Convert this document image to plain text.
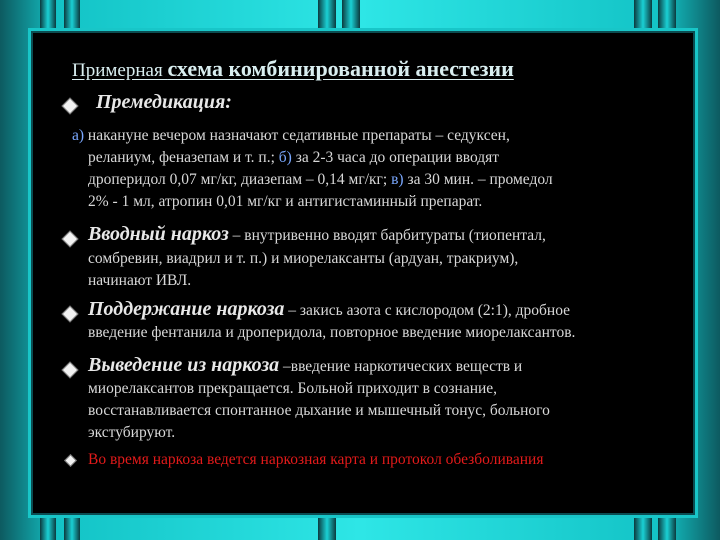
Примерная схема комбинированной анестезии
Премедикация:
а) накануне вечером назначают седативные препараты – седуксен,
реланиум, феназепам и т. п.; б) за 2-3 часа до операции вводят
дроперидол 0,07 мг/кг, диазепам – 0,14 мг/кг; в) за 30 мин. – промедол
2% - 1 мл, атропин 0,01 мг/кг и антигистаминный препарат.
Вводный наркоз – внутривенно вводят барбитураты (тиопентал,
сомбревин, виадрил и т. п.) и миорелаксанты (ардуан, тракриум),
начинают ИВЛ.
Поддержание наркоза – закись азота с кислородом (2:1), дробное
введение фентанила и дроперидола, повторное введение миорелаксантов.
Выведение из наркоза –введение наркотических веществ и
миорелаксантов прекращается. Больной приходит в сознание,
восстанавливается спонтанное дыхание и мышечный тонус, больного
экстубируют.
Во время наркоза ведется наркозная карта и протокол обезболивания
